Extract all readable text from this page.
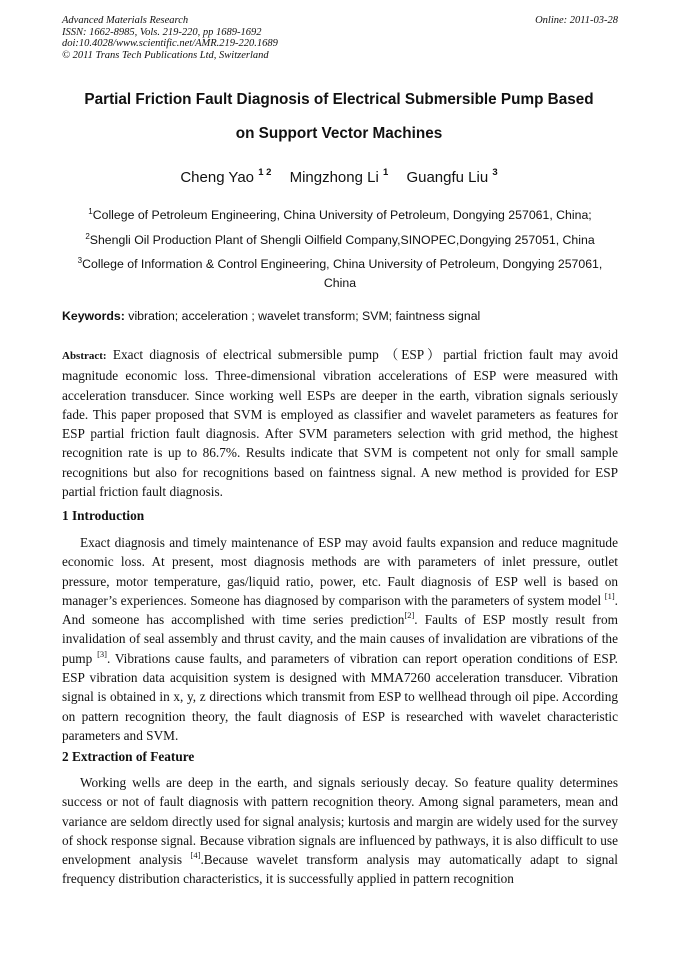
Advanced Materials Research
ISSN: 1662-8985, Vols. 219-220, pp 1689-1692
doi:10.4028/www.scientific.net/AMR.219-220.1689
© 2011 Trans Tech Publications Ltd, Switzerland
Online: 2011-03-28
Partial Friction Fault Diagnosis of Electrical Submersible Pump Based
on Support Vector Machines
Cheng Yao $^{1 2}$ Mingzhong Li $^1$ Guangfu Liu $^3$
$^1$College of Petroleum Engineering, China University of Petroleum, Dongying 257061, China;
$^2$Shengli Oil Production Plant of Shengli Oilfield Company,SINOPEC,Dongying 257051, China
$^3$College of Information & Control Engineering, China University of Petroleum, Dongying 257061, China
Keywords: vibration; acceleration ; wavelet transform; SVM; faintness signal
Abstract: Exact diagnosis of electrical submersible pump （ESP）partial friction fault may avoid magnitude economic loss. Three-dimensional vibration accelerations of ESP were measured with acceleration transducer. Since working well ESPs are deeper in the earth, vibration signals seriously fade. This paper proposed that SVM is employed as classifier and wavelet parameters as features for ESP partial friction fault diagnosis. After SVM parameters selection with grid method, the highest recognition rate is up to 86.7%. Results indicate that SVM is competent not only for small sample recognitions but also for recognitions based on faintness signal. A new method is provided for ESP partial friction fault diagnosis.
1 Introduction
Exact diagnosis and timely maintenance of ESP may avoid faults expansion and reduce magnitude economic loss. At present, most diagnosis methods are with parameters of inlet pressure, outlet pressure, motor temperature, gas/liquid ratio, power, etc. Fault diagnosis of ESP well is based on manager’s experiences. Someone has diagnosed by comparison with the parameters of system model [1]. And someone has accomplished with time series prediction[2]. Faults of ESP mostly result from invalidation of seal assembly and thrust cavity, and the main causes of invalidation are vibrations of the pump [3]. Vibrations cause faults, and parameters of vibration can report operation conditions of ESP. ESP vibration data acquisition system is designed with MMA7260 acceleration transducer. Vibration signal is obtained in x, y, z directions which transmit from ESP to wellhead through oil pipe. According on pattern recognition theory, the fault diagnosis of ESP is researched with wavelet characteristic parameters and SVM.
2 Extraction of Feature
Working wells are deep in the earth, and signals seriously decay. So feature quality determines success or not of fault diagnosis with pattern recognition theory. Among signal parameters, mean and variance are seldom directly used for signal analysis; kurtosis and margin are widely used for the survey of shock response signal. Because vibration signals are influenced by pathways, it is also difficult to use envelopment analysis [4].Because wavelet transform analysis may automatically adapt to signal frequency distribution characteristics, it is successfully applied in pattern recognition
